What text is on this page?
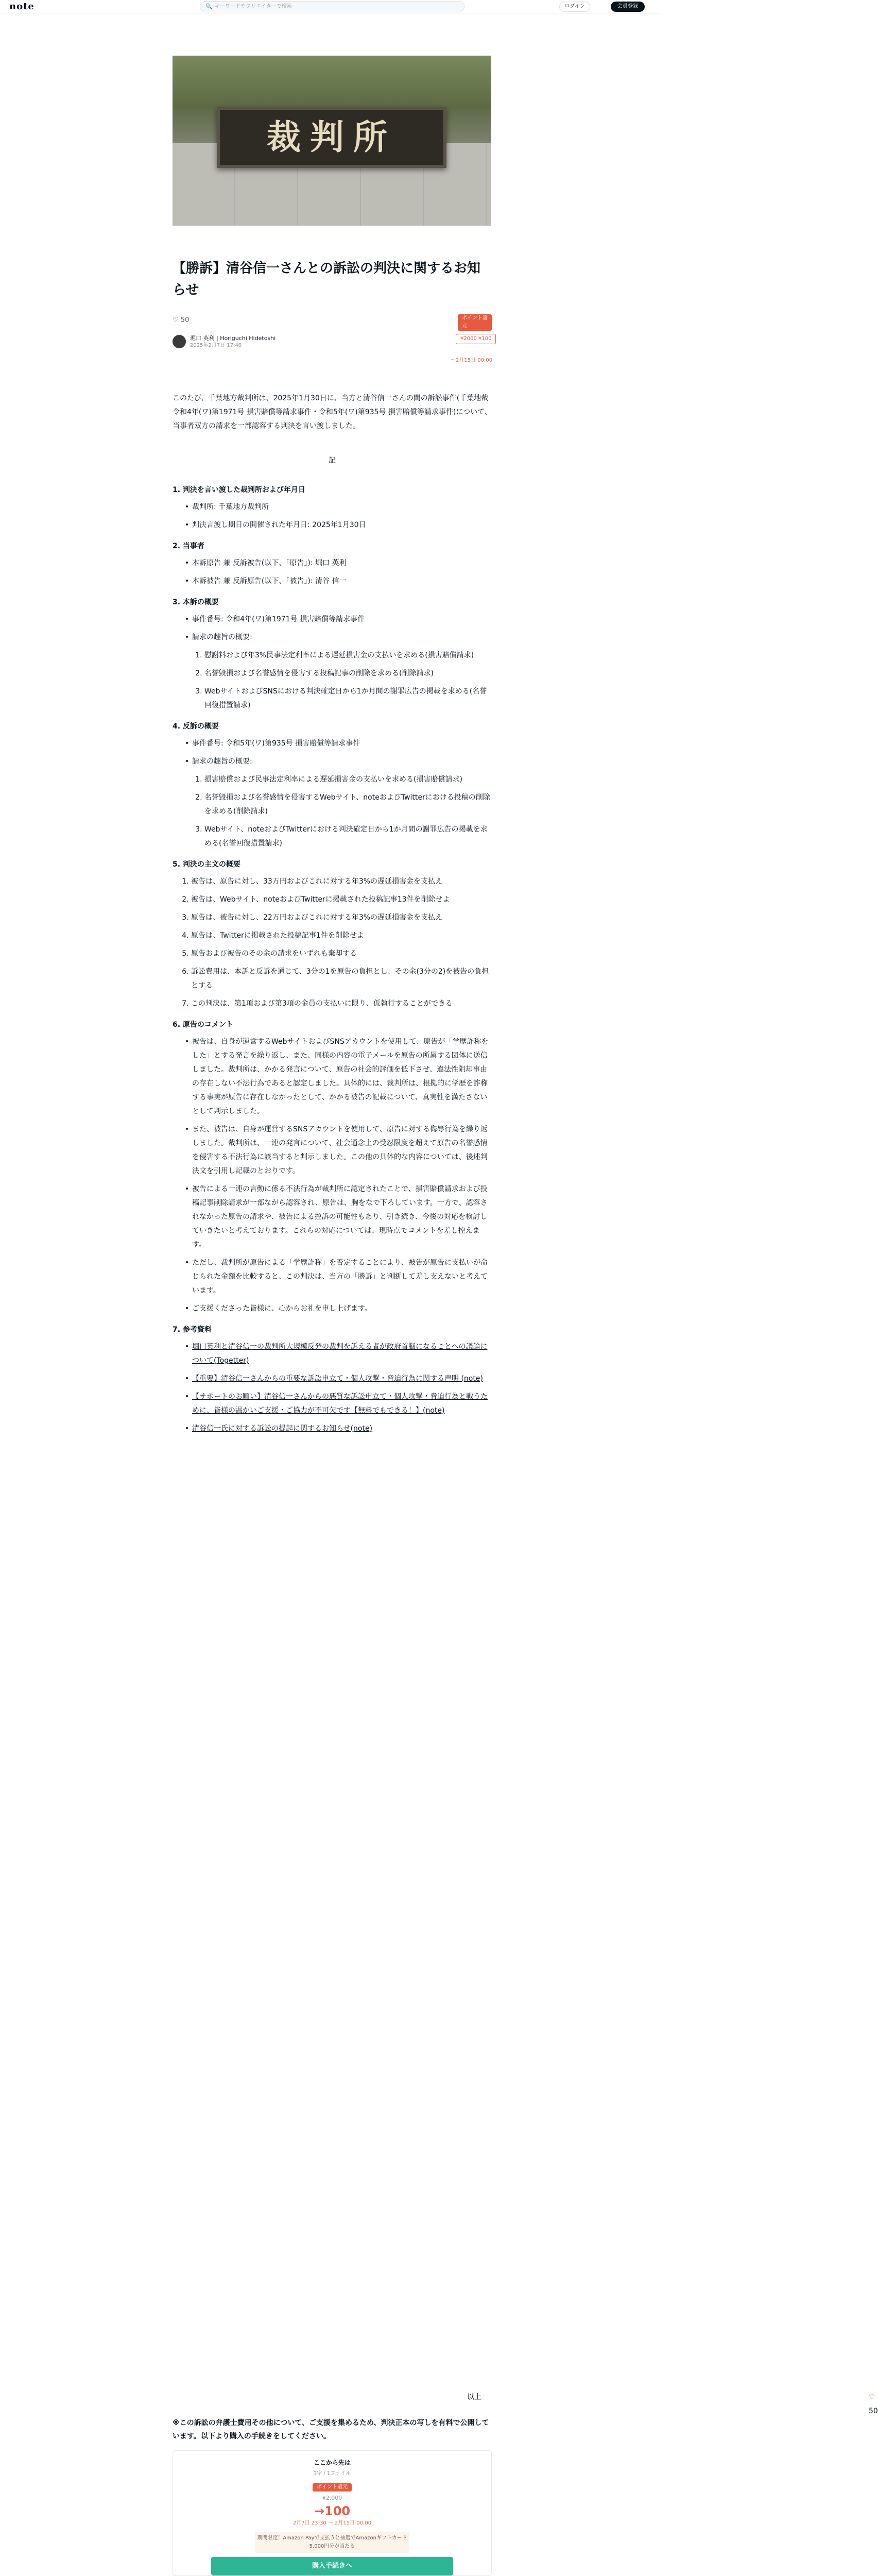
note	🔍 キーワードやクリエイターで検索	ログイン	会員登録
裁判所
【勝訴】清谷信一さんとの訴訟の判決に関するお知らせ
♡ 50	ポイント還元
堀口 英利 | Horiguchi Hidetoshi
2025年2月7日 17:40
¥2000 ¥100
〜2月15日 00:00

このたび、千葉地方裁判所は、2025年1月30日に、当方と清谷信一さんの間の訴訟事件(千葉地裁 令和4年(ワ)第1971号 損害賠償等請求事件・令和5年(ワ)第935号 損害賠償等請求事件)について、当事者双方の請求を一部認容する判決を言い渡しました。

記
1. 判決を言い渡した裁判所および年月日
• 裁判所: 千葉地方裁判所
• 判決言渡し期日の開催された年月日: 2025年1月30日
2. 当事者
• 本訴原告 兼 反訴被告(以下、「原告」): 堀口 英利
• 本訴被告 兼 反訴原告(以下、「被告」): 清谷 信一
3. 本訴の概要
• 事件番号: 令和4年(ワ)第1971号 損害賠償等請求事件
• 請求の趣旨の概要:
1. 慰謝料および年3%民事法定利率による遅延損害金の支払いを求める(損害賠償請求)
2. 名誉毀損および名誉感情を侵害する投稿記事の削除を求める(削除請求)
3. WebサイトおよびSNSにおける判決確定日から1か月間の謝罪広告の掲載を求める(名誉回復措置請求)
4. 反訴の概要
• 事件番号: 令和5年(ワ)第935号 損害賠償等請求事件
• 請求の趣旨の概要:
1. 損害賠償および民事法定利率による遅延損害金の支払いを求める(損害賠償請求)
2. 名誉毀損および名誉感情を侵害するWebサイト、noteおよびTwitterにおける投稿の削除を求める(削除請求)
3. Webサイト、noteおよびTwitterにおける判決確定日から1か月間の謝罪広告の掲載を求める(名誉回復措置請求)
5. 判決の主文の概要
1. 被告は、原告に対し、33万円およびこれに対する年3%の遅延損害金を支払え
2. 被告は、Webサイト、noteおよびTwitterに掲載された投稿記事13件を削除せよ
3. 原告は、被告に対し、22万円およびこれに対する年3%の遅延損害金を支払え
4. 原告は、Twitterに掲載された投稿記事1件を削除せよ
5. 原告および被告のその余の請求をいずれも棄却する
6. 訴訟費用は、本訴と反訴を通じて、3分の1を原告の負担とし、その余(3分の2)を被告の負担とする
7. この判決は、第1項および第3項の金員の支払いに限り、仮執行することができる
6. 原告のコメント
• 被告は、自身が運営するWebサイトおよびSNSアカウントを使用して、原告が「学歴詐称をした」とする発言を繰り返し、また、同様の内容の電子メールを原告の所属する団体に送信しました。裁判所は、かかる発言について、原告の社会的評価を低下させ、違法性阻却事由の存在しない不法行為であると認定しました。具体的には、裁判所は、根拠的に学歴を詐称する事実が原告に存在しなかったとして、かかる被告の記載について、真実性を満たさないとして判示しました。
• また、被告は、自身が運営するSNSアカウントを使用して、原告に対する侮辱行為を繰り返しました。裁判所は、一連の発言について、社会通念上の受忍限度を超えて原告の名誉感情を侵害する不法行為に該当すると判示しました。この他の具体的な内容については、後述判決文を引用し記載のとおりです。
• 被告による一連の言動に係る不法行為が裁判所に認定されたことで、損害賠償請求および投稿記事削除請求が一部ながら認容され、原告は、胸をなで下ろしています。一方で、認容されなかった原告の請求や、被告による控訴の可能性もあり、引き続き、今後の対応を検討していきたいと考えております。これらの対応については、現時点でコメントを差し控えます。
• ただし、裁判所が原告による「学歴詐称」を否定することにより、被告が原告に支払いが命じられた金額を比較すると、この判決は、当方の「勝訴」と判断して差し支えないと考えています。
• ご支援くださった皆様に、心からお礼を申し上げます。
7. 参考資料
• 堀口英利と清谷信一の裁判所大規模反発の裁判を訴える者が政府首脳になることへの議論について(Togetter)
• 【重要】清谷信一さんからの重要な訴訟申立て・個人攻撃・脅迫行為に関する声明 (note)
• 【サポートのお願い】清谷信一さんからの悪質な訴訟申立て・個人攻撃・脅迫行為と戦うために、皆様の温かいご支援・ご協力が不可欠です【無料でもできる！】(note)
• 清谷信一氏に対する訴訟の提起に関するお知らせ(note)
以上	♡ 50
※この訴訟の弁護士費用その他について、ご支援を集めるため、判決正本の写しを有料で公開しています。以下より購入の手続きをしてください。
ここから先は
3字 / 1ファイル
ポイント還元
¥2,000
→100
2月7日 23:30 ～ 2月15日 00:00
期間限定！Amazon Payで支払うと抽選でAmazonギフトカード5,000円分が当たる
購入手続きへ
